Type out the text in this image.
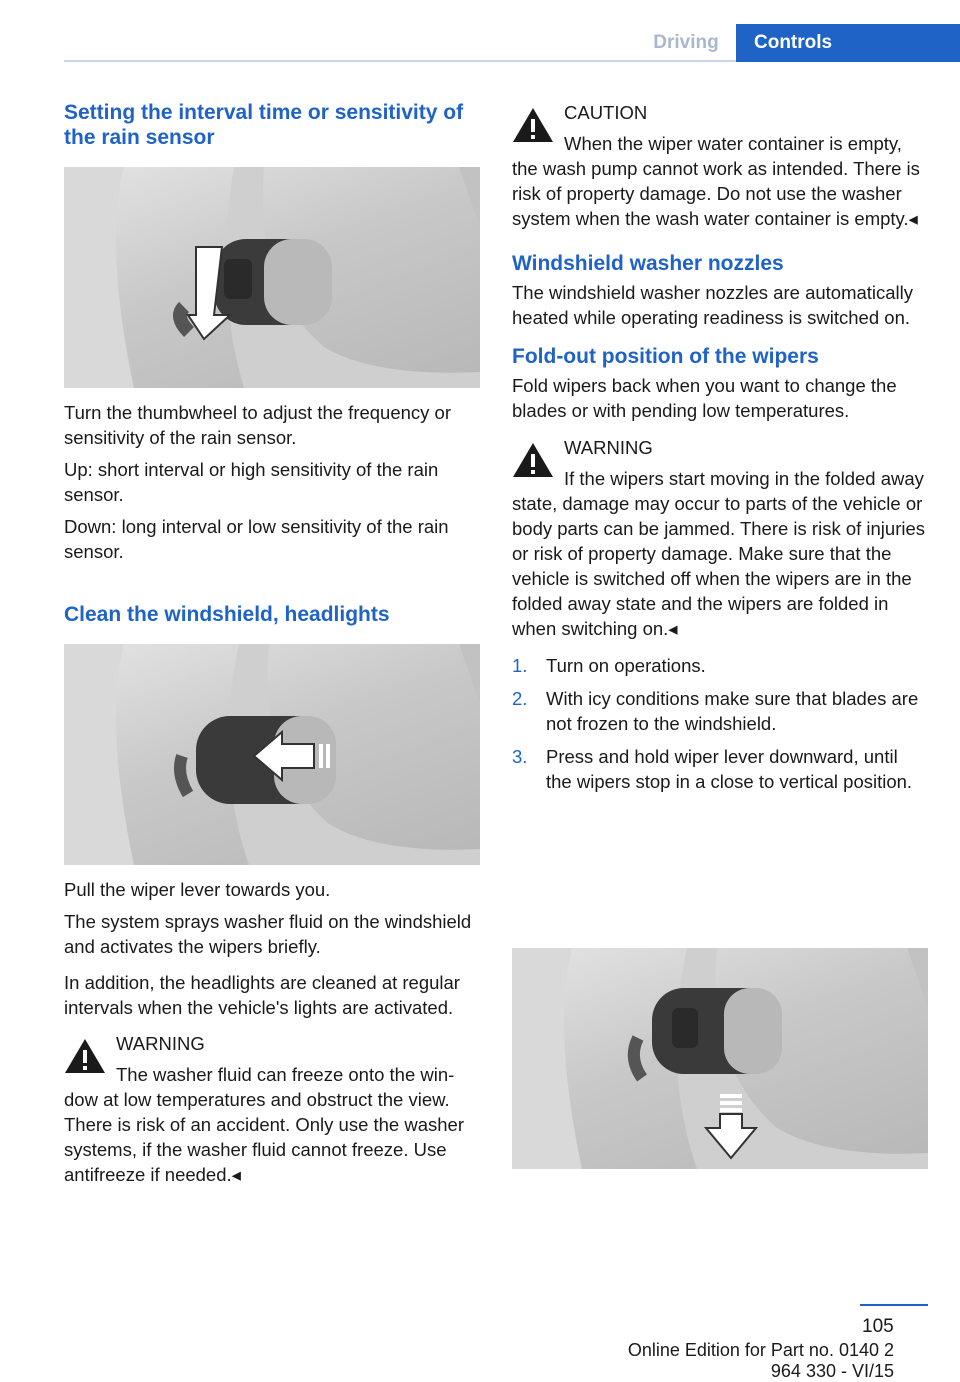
Driving	Controls
Setting the interval time or sensitivity of the rain sensor

Turn the thumbwheel to adjust the frequency or sensitivity of the rain sensor.

Up: short interval or high sensitivity of the rain sensor.

Down: long interval or low sensitivity of the rain sensor.

Clean the windshield, headlights

Pull the wiper lever towards you.

The system sprays washer fluid on the windshield and activates the wipers briefly.

In addition, the headlights are cleaned at regular intervals when the vehicle's lights are activated.

WARNING

The washer fluid can freeze onto the window at low temperatures and obstruct the view. There is risk of an accident. Only use the washer systems, if the washer fluid cannot freeze. Use antifreeze if needed.◂

CAUTION

When the wiper water container is empty, the wash pump cannot work as intended. There is risk of property damage. Do not use the washer system when the wash water container is empty.◂

Windshield washer nozzles

The windshield washer nozzles are automatically heated while operating readiness is switched on.

Fold-out position of the wipers

Fold wipers back when you want to change the blades or with pending low temperatures.

WARNING

If the wipers start moving in the folded away state, damage may occur to parts of the vehicle or body parts can be jammed. There is risk of injuries or risk of property damage. Make sure that the vehicle is switched off when the wipers are in the folded away state and the wipers are folded in when switching on.◂

1.	Turn on operations.
2.	With icy conditions make sure that blades are not frozen to the windshield.
3.	Press and hold wiper lever downward, until the wipers stop in a close to vertical position.
105
Online Edition for Part no. 0140 2 964 330 - VI/15
